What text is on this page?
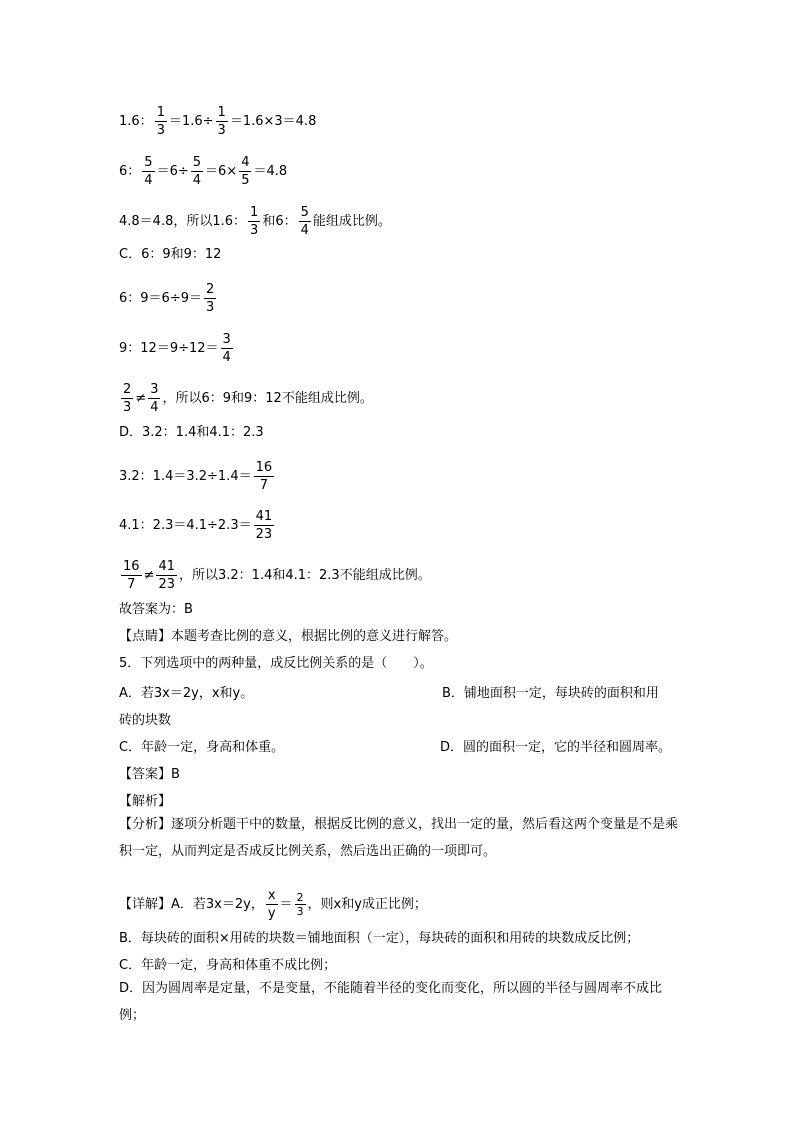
1.6： $\frac{1}{3} =1.6\div \frac{1}{3} =1.6\times 3=4.8$
6： $\frac{5}{4} =6\div \frac{5}{4} =6\times \frac{4}{5} =4.8$
4.8＝4.8，所以1.6： $\frac{1}{3}$ 和6： $\frac{5}{4}$ 能组成比例。
C．6：9和9：12
6：$9=6\div 9= \frac{2}{3}$
9：$12=9\div 12= \frac{3}{4}$
$\frac{2}{3} \ne \frac{3}{4}$ ，所以6：9和9：12不能组成比例。
D．3.2：1.4和4.1：2.3
3.2：$1.4=3.2\div 1.4= \frac{16}{7}$
4.1：$2.3=4.1\div 2.3= \frac{41}{23}$
$\frac{16}{7} \ne \frac{41}{23}$ ，所以3.2：1.4和4.1：2.3不能组成比例。
故答案为：B
【点睛】本题考查比例的意义，根据比例的意义进行解答。
5．下列选项中的两种量，成反比例关系的是（　　）。
A．若3x＝2y，x和y。	B．铺地面积一定，每块砖的面积和用
砖的块数
C．年龄一定，身高和体重。	D．圆的面积一定，它的半径和圆周率。
【答案】B
【解析】
【分析】逐项分析题干中的数量，根据反比例的意义，找出一定的量，然后看这两个变量是不是乘积一定，从而判定是否成反比例关系，然后选出正确的一项即可。
【详解】A．若3x＝2y， $\frac{x}{y} = \frac{2}{3}$ ，则x和y成正比例；
B．每块砖的面积×用砖的块数＝铺地面积（一定），每块砖的面积和用砖的块数成反比例；
C．年龄一定，身高和体重不成比例；
D．因为圆周率是定量，不是变量，不能随着半径的变化而变化，所以圆的半径与圆周率不成比例；
